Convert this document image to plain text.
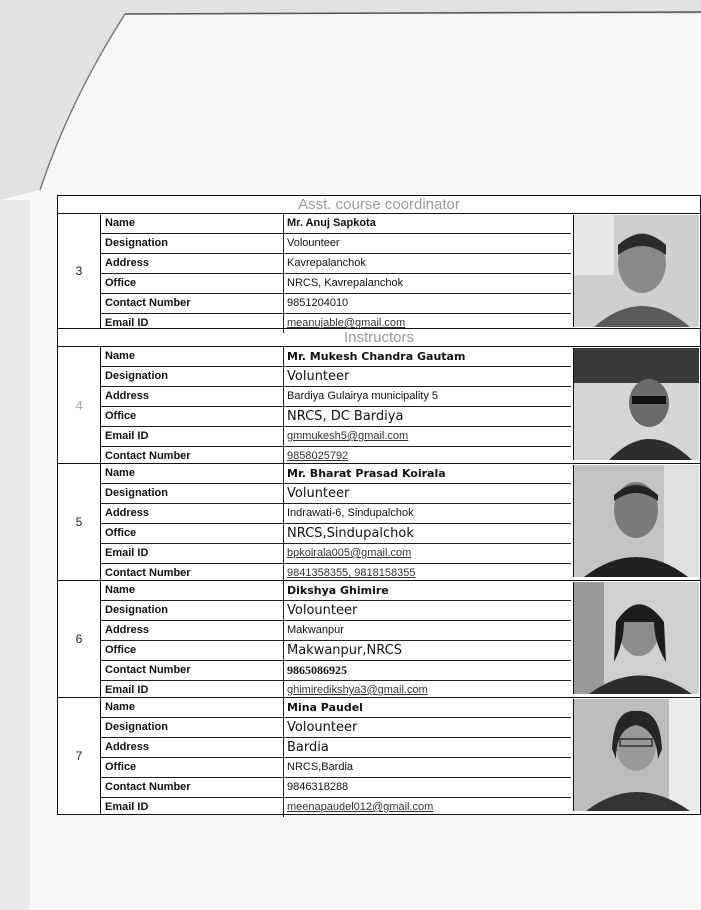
Asst. course coordinator
3
Name	Mr. Anuj Sapkota
Designation	Volounteer
Address	Kavrepalanchok
Office	NRCS, Kavrepalanchok
Contact Number	9851204010
Email ID	meanujable@gmail.com
Instructors
4
Name	Mr. Mukesh Chandra Gautam
Designation	Volunteer
Address	Bardiya Gulairya municipality 5
Office	NRCS, DC Bardiya
Email ID	gmmukesh5@gmail.com
Contact Number	9858025792
5
Name	Mr. Bharat Prasad Koirala
Designation	Volunteer
Address	Indrawati-6, Sindupalchok
Office	NRCS,Sindupalchok
Email ID	bpkoirala005@gmail.com
Contact Number	9841358355, 9818158355
6
Name	Dikshya Ghimire
Designation	Volounteer
Address	Makwanpur
Office	Makwanpur,NRCS
Contact Number	9865086925
Email ID	ghimiredikshya3@gmail.com
7
Name	Mina Paudel
Designation	Volounteer
Address	Bardia
Office	NRCS,Bardia
Contact Number	9846318288
Email ID	meenapaudel012@gmail.com
